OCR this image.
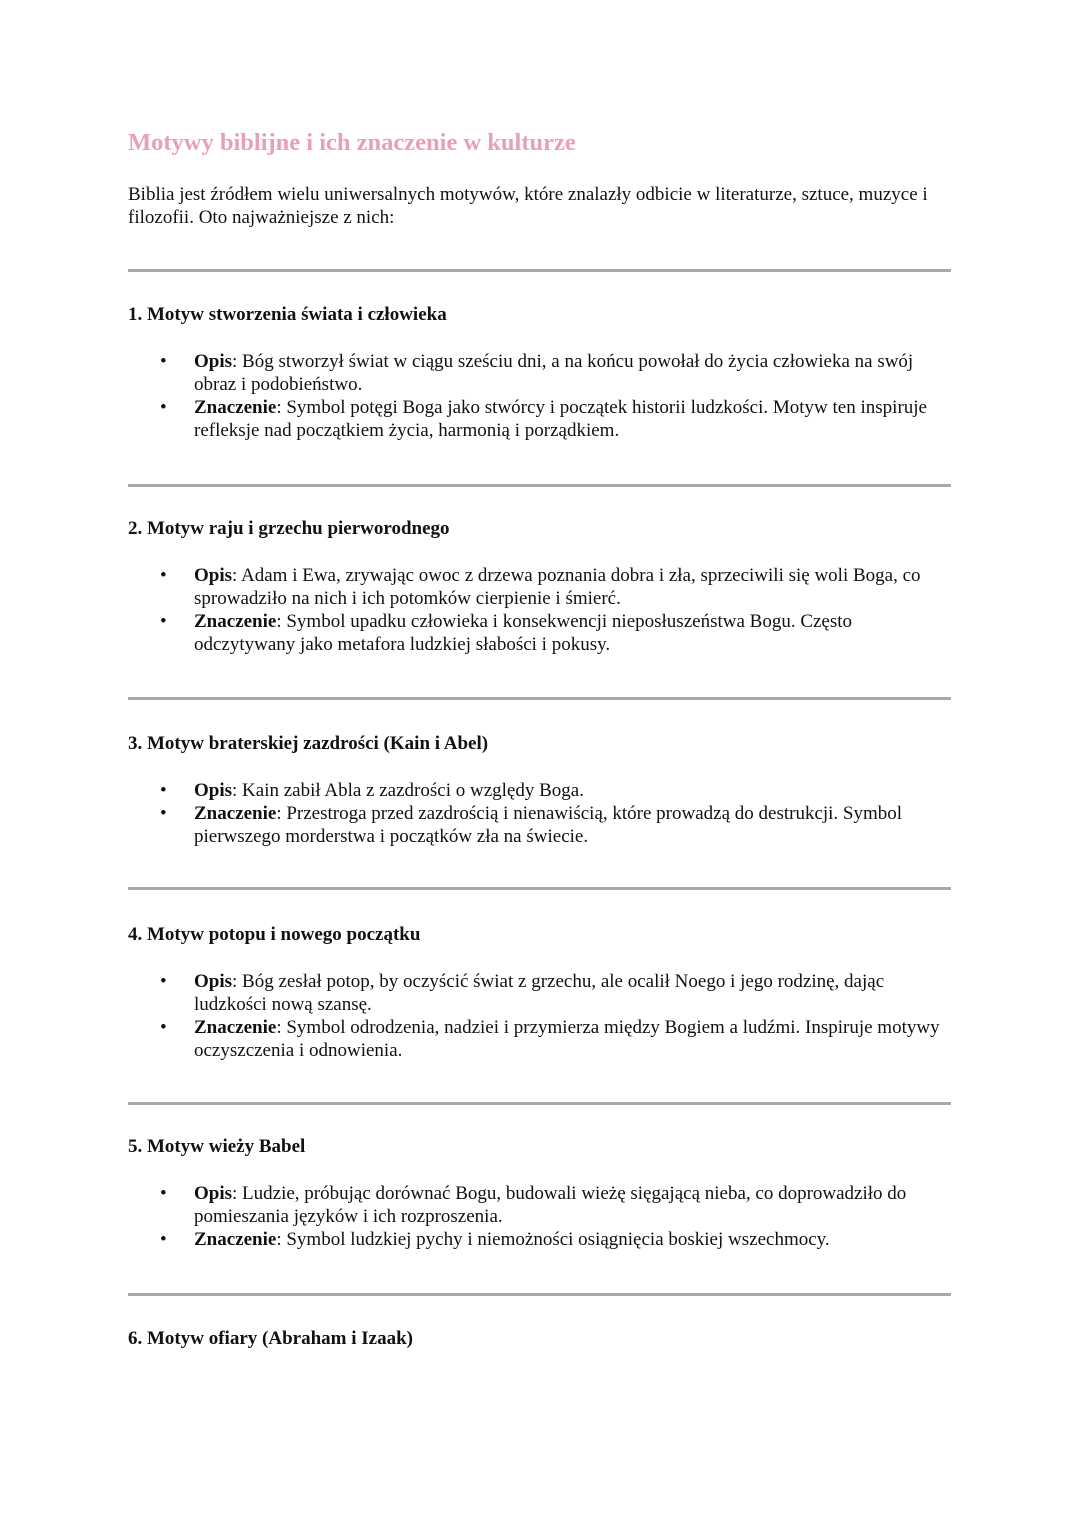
Motywy biblijne i ich znaczenie w kulturze

Biblia jest źródłem wielu uniwersalnych motywów, które znalazły odbicie w literaturze, sztuce, muzyce i filozofii. Oto najważniejsze z nich:

1. Motyw stworzenia świata i człowieka
• Opis: Bóg stworzył świat w ciągu sześciu dni, a na końcu powołał do życia człowieka na swój obraz i podobieństwo.
• Znaczenie: Symbol potęgi Boga jako stwórcy i początek historii ludzkości. Motyw ten inspiruje refleksje nad początkiem życia, harmonią i porządkiem.
2. Motyw raju i grzechu pierworodnego
• Opis: Adam i Ewa, zrywając owoc z drzewa poznania dobra i zła, sprzeciwili się woli Boga, co sprowadziło na nich i ich potomków cierpienie i śmierć.
• Znaczenie: Symbol upadku człowieka i konsekwencji nieposłuszeństwa Bogu. Często odczytywany jako metafora ludzkiej słabości i pokusy.
3. Motyw braterskiej zazdrości (Kain i Abel)
• Opis: Kain zabił Abla z zazdrości o względy Boga.
• Znaczenie: Przestroga przed zazdrością i nienawiścią, które prowadzą do destrukcji. Symbol pierwszego morderstwa i początków zła na świecie.
4. Motyw potopu i nowego początku
• Opis: Bóg zesłał potop, by oczyścić świat z grzechu, ale ocalił Noego i jego rodzinę, dając ludzkości nową szansę.
• Znaczenie: Symbol odrodzenia, nadziei i przymierza między Bogiem a ludźmi. Inspiruje motywy oczyszczenia i odnowienia.
5. Motyw wieży Babel
• Opis: Ludzie, próbując dorównać Bogu, budowali wieżę sięgającą nieba, co doprowadziło do pomieszania języków i ich rozproszenia.
• Znaczenie: Symbol ludzkiej pychy i niemożności osiągnięcia boskiej wszechmocy.
6. Motyw ofiary (Abraham i Izaak)
